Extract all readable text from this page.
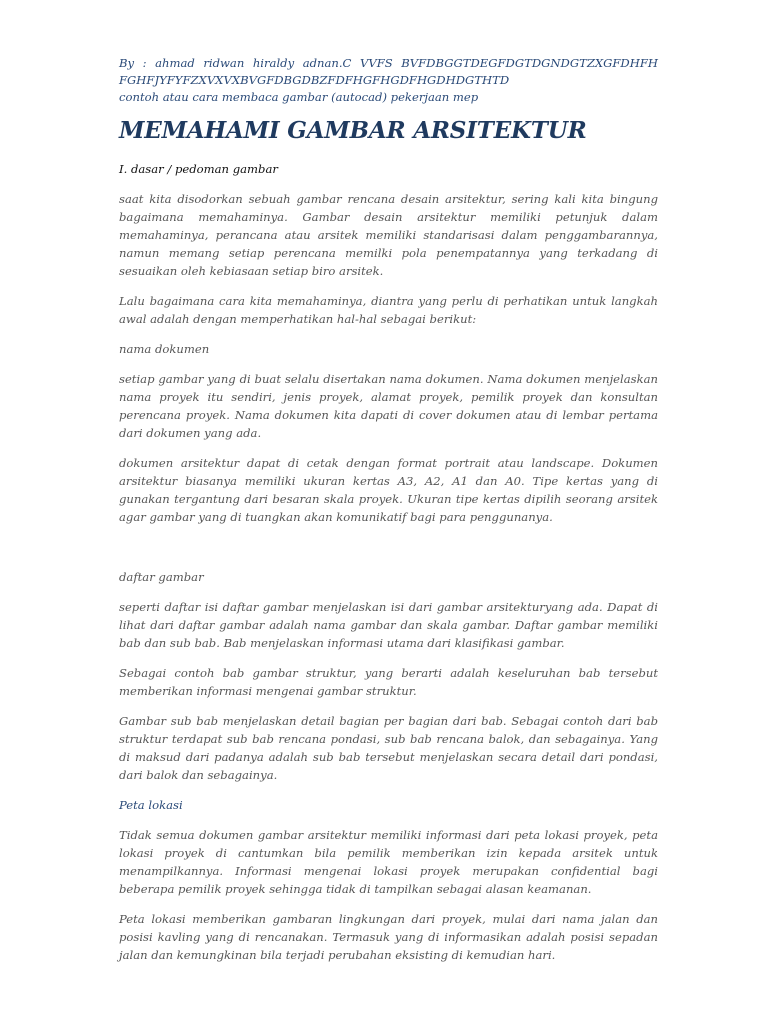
By : ahmad ridwan hiraldy adnan.C VVFS BVFDBGGTDEGFDGTDGNDGTZXGFDHFH FGHFJYFYFZXVXVXBVGFDBGDBZFDFHGFHGDFHGDHDGTHTD

contoh atau cara membaca gambar (autocad) pekerjaan mep

MEMAHAMI GAMBAR ARSITEKTUR

I. dasar / pedoman gambar

saat kita disodorkan sebuah gambar rencana desain arsitektur, sering kali kita bingung bagaimana memahaminya. Gambar desain arsitektur memiliki petunjuk dalam memahaminya, perancana atau arsitek memiliki standarisasi dalam penggambarannya, namun memang setiap perencana memilki pola penempatannya yang terkadang di sesuaikan oleh kebiasaan setiap biro arsitek.

Lalu bagaimana cara kita memahaminya, diantra yang perlu di perhatikan untuk langkah awal adalah dengan memperhatikan hal-hal sebagai berikut:

nama dokumen

setiap gambar yang di buat selalu disertakan nama dokumen. Nama dokumen menjelaskan nama proyek itu sendiri, jenis proyek, alamat proyek, pemilik proyek dan konsultan perencana proyek. Nama dokumen kita dapati di cover dokumen atau di lembar pertama dari dokumen yang ada.

dokumen arsitektur dapat di cetak dengan format portrait atau landscape. Dokumen arsitektur biasanya memiliki ukuran kertas A3, A2, A1 dan A0. Tipe kertas yang di gunakan tergantung dari besaran skala proyek. Ukuran tipe kertas dipilih seorang arsitek agar gambar yang di tuangkan akan komunikatif bagi para penggunanya.

daftar gambar

seperti daftar isi daftar gambar menjelaskan isi dari gambar arsitekturyang ada. Dapat di lihat dari daftar gambar adalah nama gambar dan skala gambar. Daftar gambar memiliki bab dan sub bab. Bab menjelaskan informasi utama dari klasifikasi gambar.

Sebagai contoh bab gambar struktur, yang berarti adalah keseluruhan bab tersebut memberikan informasi mengenai gambar struktur.

Gambar sub bab menjelaskan detail bagian per bagian dari bab. Sebagai contoh dari bab struktur terdapat sub bab rencana pondasi, sub bab rencana balok, dan sebagainya. Yang di maksud dari padanya adalah sub bab tersebut menjelaskan secara detail dari pondasi, dari balok dan sebagainya.

Peta lokasi

Tidak semua dokumen gambar arsitektur memiliki informasi dari peta lokasi proyek, peta lokasi proyek di cantumkan bila pemilik memberikan izin kepada arsitek untuk menampilkannya. Informasi mengenai lokasi proyek merupakan confidential bagi beberapa pemilik proyek sehingga tidak di tampilkan sebagai alasan keamanan.

Peta lokasi memberikan gambaran lingkungan dari proyek, mulai dari nama jalan dan posisi kavling yang di rencanakan. Termasuk yang di informasikan adalah posisi sepadan jalan dan kemungkinan bila terjadi perubahan eksisting di kemudian hari.
